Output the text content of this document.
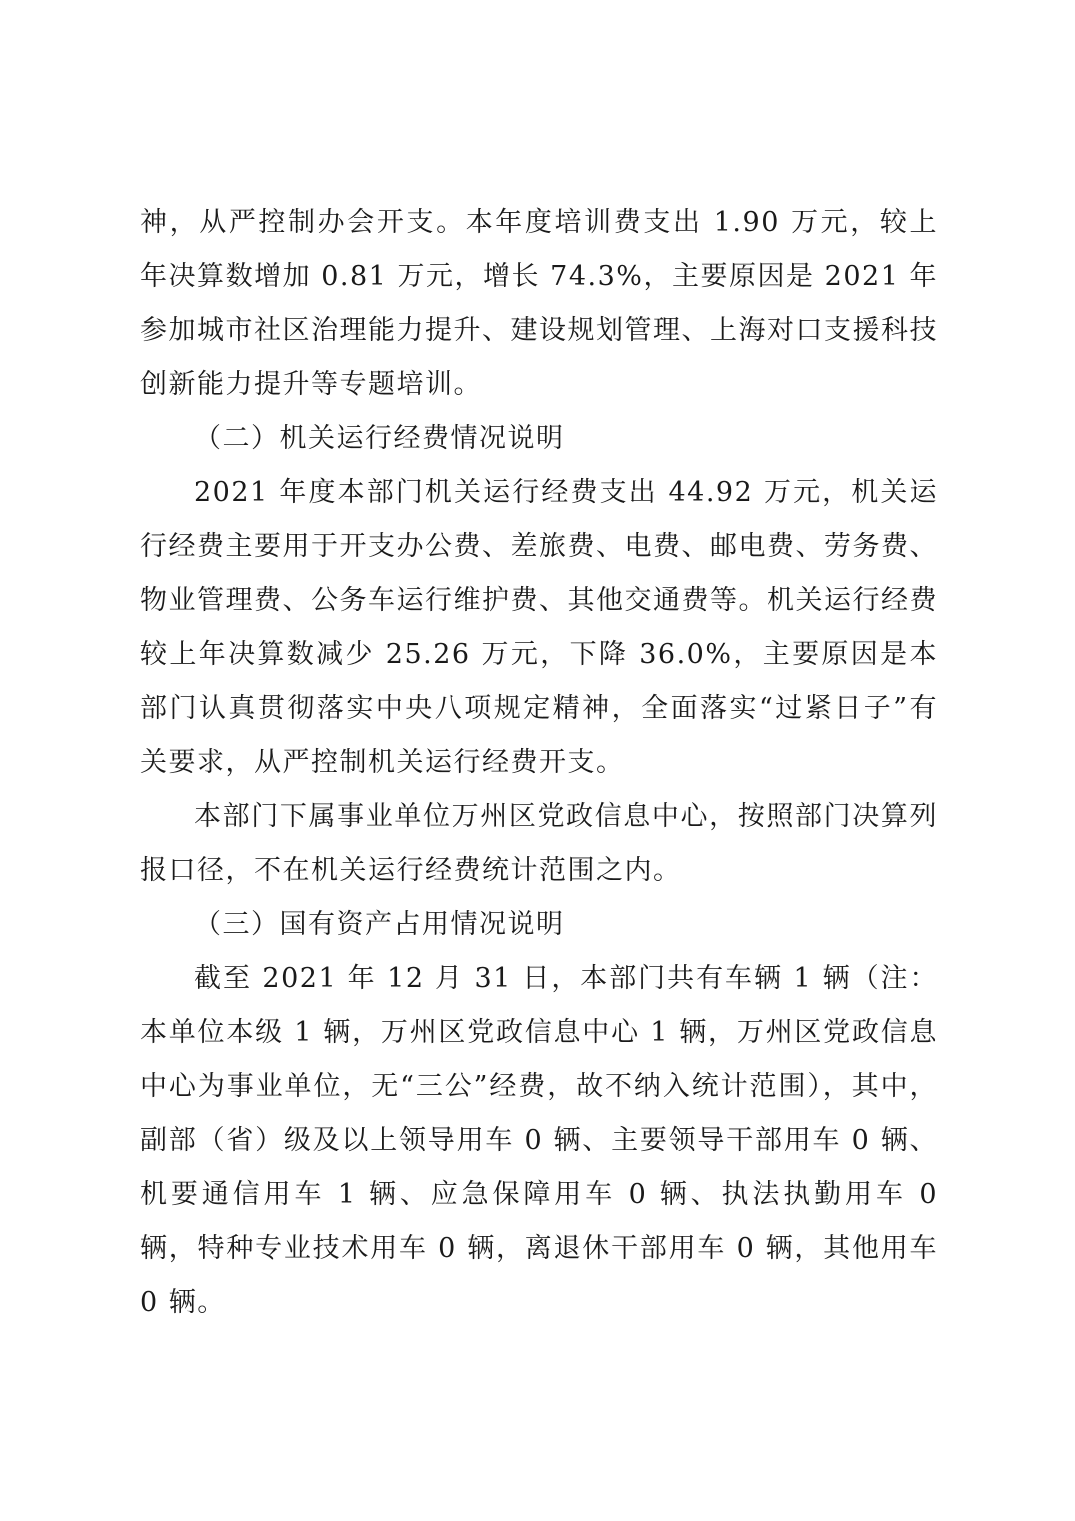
神，从严控制办会开支。本年度培训费支出 1.90 万元，较上年决算数增加 0.81 万元，增长 74.3%，主要原因是 2021 年参加城市社区治理能力提升、建设规划管理、上海对口支援科技创新能力提升等专题培训。

（二）机关运行经费情况说明

2021 年度本部门机关运行经费支出 44.92 万元，机关运行经费主要用于开支办公费、差旅费、电费、邮电费、劳务费、物业管理费、公务车运行维护费、其他交通费等。机关运行经费较上年决算数减少 25.26 万元，下降 36.0%，主要原因是本部门认真贯彻落实中央八项规定精神，全面落实“过紧日子”有关要求，从严控制机关运行经费开支。

本部门下属事业单位万州区党政信息中心，按照部门决算列报口径，不在机关运行经费统计范围之内。

（三）国有资产占用情况说明

截至 2021 年 12 月 31 日，本部门共有车辆 1 辆（注：本单位本级 1 辆，万州区党政信息中心 1 辆，万州区党政信息中心为事业单位，无“三公”经费，故不纳入统计范围），其中，副部（省）级及以上领导用车 0 辆、主要领导干部用车 0 辆、机要通信用车 1 辆、应急保障用车 0 辆、执法执勤用车 0 辆，特种专业技术用车 0 辆，离退休干部用车 0 辆，其他用车 0 辆。
